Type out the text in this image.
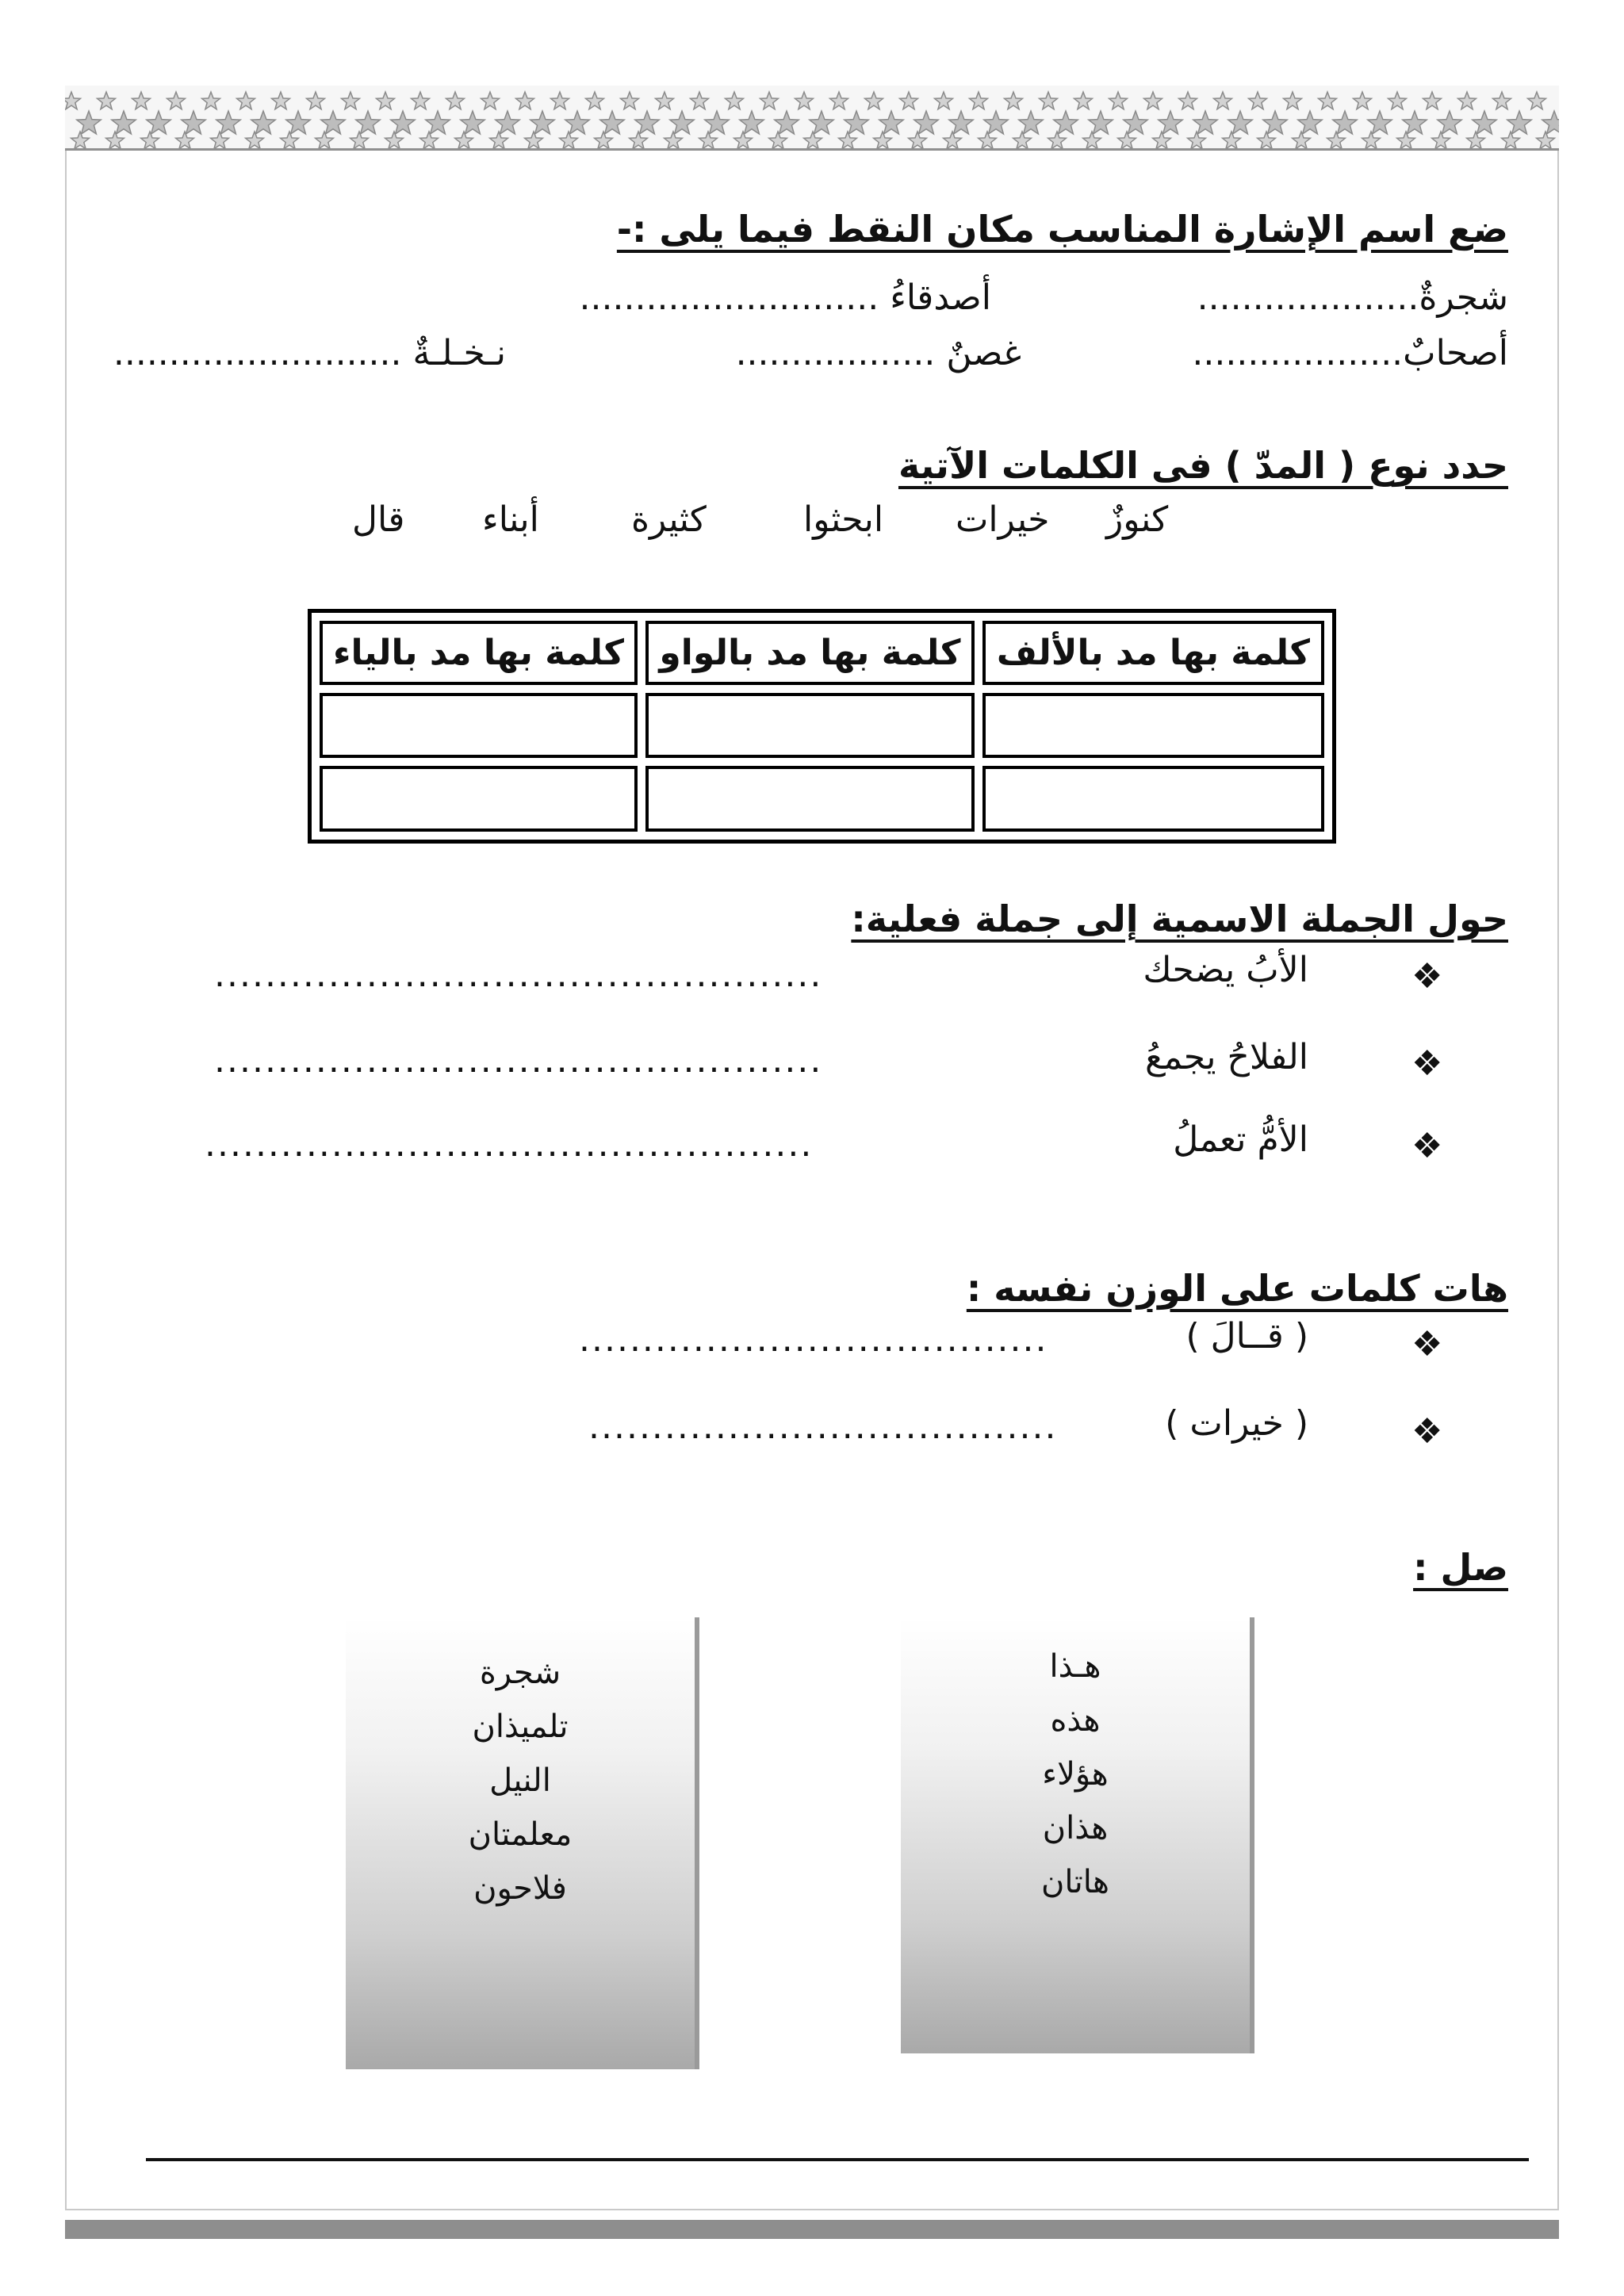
ضع اسم الإشارة المناسب مكان النقط فيما يلى :-
شجرةٌ....................
أصدقاءُ ...........................
أصحابٌ...................
غصنٌ ..................
نـخـلـةٌ ..........................
حدد نوع ( المدّ ) فى الكلمات الآتية
كنوزٌ
خيرات
ابحثوا
كثيرة
أبناء
قال
كلمة بها مد بالألف	كلمة بها مد بالواو	كلمة بها مد بالياء

حول الجملة الاسمية إلى جملة فعلية:
❖
الأبُ يضحك
................................................
❖
الفلاحُ يجمعُ
................................................
❖
الأمُّ تعملُ
................................................
هات كلمات على الوزن نفسه :
❖
( قــالَ )
.....................................
❖
( خيرات )
.....................................
صل :
هـذا
هذه
هؤلاء
هذان
هاتان
شجرة
تلميذان
النيل
معلمتان
فلاحون
